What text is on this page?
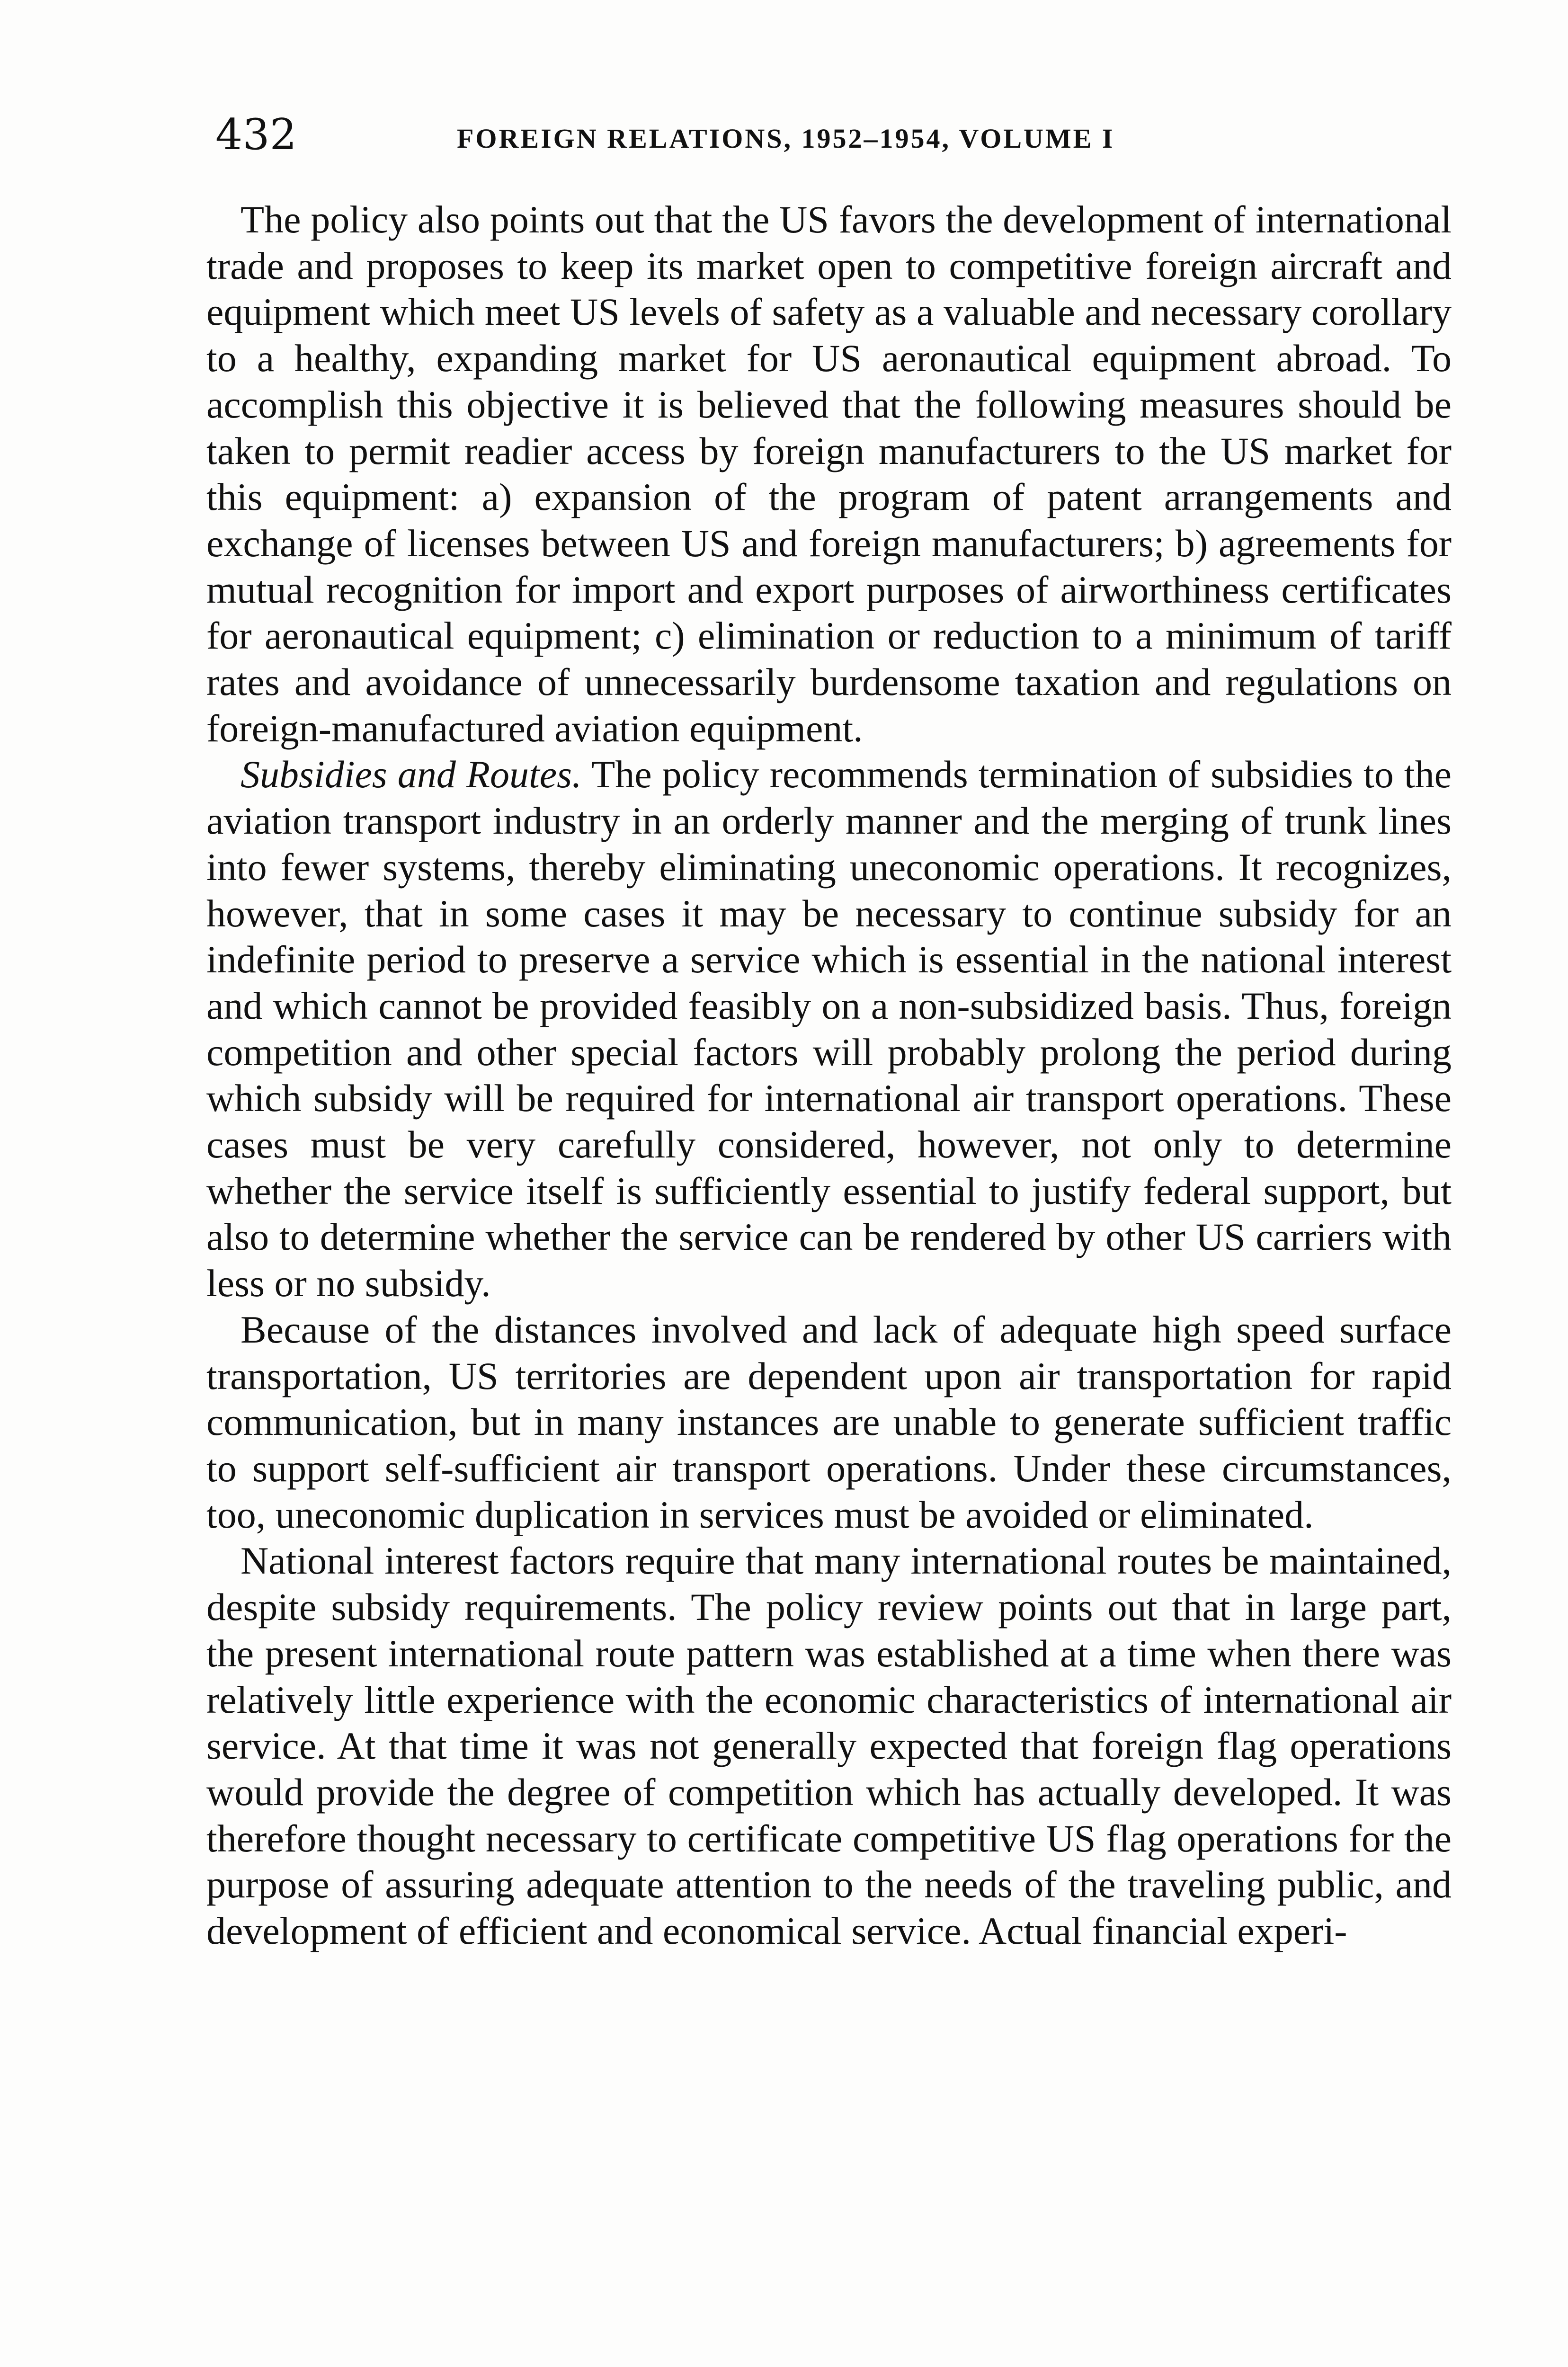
432	FOREIGN RELATIONS, 1952–1954, VOLUME I

The policy also points out that the US favors the development of international trade and proposes to keep its market open to competitive foreign aircraft and equipment which meet US levels of safety as a valuable and necessary corollary to a healthy, expanding market for US aeronautical equipment abroad. To accomplish this objective it is believed that the following measures should be taken to permit readier access by foreign manufacturers to the US market for this equipment: a) expansion of the program of patent arrangements and exchange of licenses between US and foreign manufacturers; b) agreements for mutual recognition for import and export purposes of airworthiness certificates for aeronautical equipment; c) elimination or reduction to a minimum of tariff rates and avoidance of unnecessarily burdensome taxation and regulations on foreign-manufactured aviation equipment.

Subsidies and Routes. The policy recommends termination of subsidies to the aviation transport industry in an orderly manner and the merging of trunk lines into fewer systems, thereby eliminating uneconomic operations. It recognizes, however, that in some cases it may be necessary to continue subsidy for an indefinite period to preserve a service which is essential in the national interest and which cannot be provided feasibly on a non-subsidized basis. Thus, foreign competition and other special factors will probably prolong the period during which subsidy will be required for international air transport operations. These cases must be very carefully considered, however, not only to determine whether the service itself is sufficiently essential to justify federal support, but also to determine whether the service can be rendered by other US carriers with less or no subsidy.

Because of the distances involved and lack of adequate high speed surface transportation, US territories are dependent upon air transportation for rapid communication, but in many instances are unable to generate sufficient traffic to support self-sufficient air transport operations. Under these circumstances, too, uneconomic duplication in services must be avoided or eliminated.

National interest factors require that many international routes be maintained, despite subsidy requirements. The policy review points out that in large part, the present international route pattern was established at a time when there was relatively little experience with the economic characteristics of international air service. At that time it was not generally expected that foreign flag operations would provide the degree of competition which has actually developed. It was therefore thought necessary to certificate competitive US flag operations for the purpose of assuring adequate attention to the needs of the traveling public, and development of efficient and economical service. Actual financial experi-
